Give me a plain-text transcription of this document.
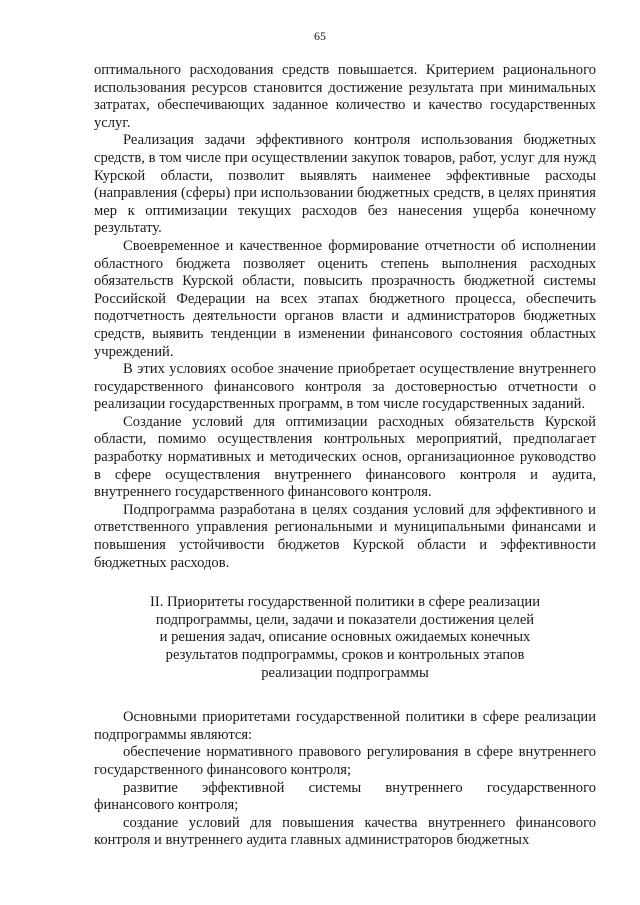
65

оптимального расходования средств повышается. Критерием рационального использования ресурсов становится достижение результата при минимальных затратах, обеспечивающих заданное количество и качество государственных услуг.

Реализация задачи эффективного контроля использования бюджетных средств, в том числе при осуществлении закупок товаров, работ, услуг для нужд Курской области, позволит выявлять наименее эффективные расходы (направления (сферы) при использовании бюджетных средств, в целях принятия мер к оптимизации текущих расходов без нанесения ущерба конечному результату.

Своевременное и качественное формирование отчетности об исполнении областного бюджета позволяет оценить степень выполнения расходных обязательств Курской области, повысить прозрачность бюджетной системы Российской Федерации на всех этапах бюджетного процесса, обеспечить подотчетность деятельности органов власти и администраторов бюджетных средств, выявить тенденции в изменении финансового состояния областных учреждений.

В этих условиях особое значение приобретает осуществление внутреннего государственного финансового контроля за достоверностью отчетности о реализации государственных программ, в том числе государственных заданий.

Создание условий для оптимизации расходных обязательств Курской области, помимо осуществления контрольных мероприятий, предполагает разработку нормативных и методических основ, организационное руководство в сфере осуществления внутреннего финансового контроля и аудита, внутреннего государственного финансового контроля.

Подпрограмма разработана в целях создания условий для эффективного и ответственного управления региональными и муниципальными финансами и повышения устойчивости бюджетов Курской области и эффективности бюджетных расходов.

II. Приоритеты государственной политики в сфере реализации
подпрограммы, цели, задачи и показатели достижения целей
и решения задач, описание основных ожидаемых конечных
результатов подпрограммы, сроков и контрольных этапов
реализации подпрограммы

Основными приоритетами государственной политики в сфере реализации подпрограммы являются:

обеспечение нормативного правового регулирования в сфере внутреннего государственного финансового контроля;

развитие эффективной системы внутреннего государственного финансового контроля;

создание условий для повышения качества внутреннего финансового контроля и внутреннего аудита главных администраторов бюджетных
